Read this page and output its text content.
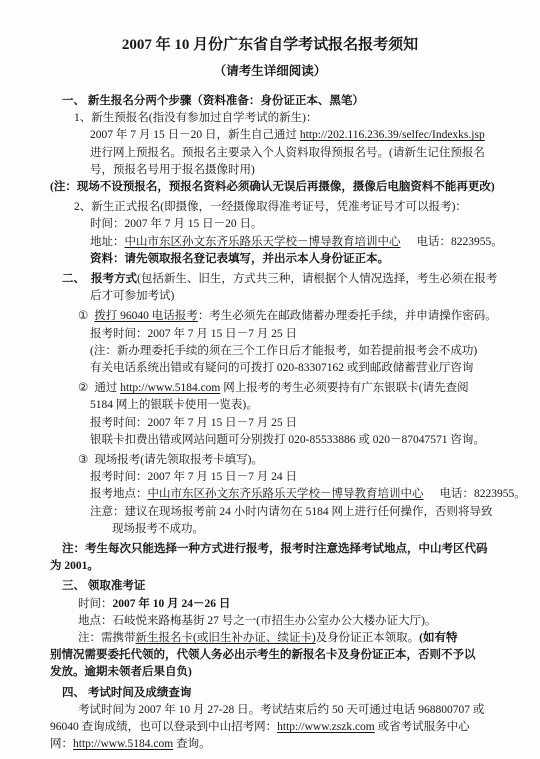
2007 年 10 月份广东省自学考试报名报考须知
（请考生详细阅读）
一、 新生报名分两个步骤（资料准备：身份证正本、黑笔）
1、新生预报名(指没有参加过自学考试的新生)：
2007 年 7 月 15 日－20 日，新生自己通过 http://202.116.236.39/selfec/Indexks.jsp
进行网上预报名。预报名主要录入个人资料取得预报名号。(请新生记住预报名
号，预报名号用于报名摄像时用)
(注：现场不设预报名，预报名资料必须确认无误后再摄像，摄像后电脑资料不能再更改)
2、新生正式报名(即摄像，一经摄像取得准考证号，凭准考证号才可以报考)：
时间：2007 年 7 月 15 日－20 日。
地址：中山市东区孙文东齐乐路乐天学校－博导教育培训中心 电话：8223955。
资料：请先领取报名登记表填写，并出示本人身份证正本。
二、 报考方式(包括新生、旧生，方式共三种，请根据个人情况选择，考生必须在报考
后才可参加考试)
① 拨打 96040 电话报考：考生必须先在邮政储蓄办理委托手续，并申请操作密码。
报考时间：2007 年 7 月 15 日－7 月 25 日
(注：新办理委托手续的须在三个工作日后才能报考，如若提前报考会不成功)
有关电话系统出错或有疑问的可拨打 020-83307162 或到邮政储蓄营业厅咨询
② 通过 http://www.5184.com 网上报考的考生必须要持有广东银联卡(请先查阅
5184 网上的银联卡使用一览表)。
报考时间：2007 年 7 月 15 日－7 月 25 日
银联卡扣费出错或网站问题可分别拨打 020-85533886 或 020－87047571 咨询。
③ 现场报考(请先领取报考卡填写)。
报考时间：2007 年 7 月 15 日－7 月 24 日
报考地点：中山市东区孙文东齐乐路乐天学校－博导教育培训中心 电话：8223955。
注意：建议在现场报考前 24 小时内请勿在 5184 网上进行任何操作，否则将导致
现场报考不成功。
注：考生每次只能选择一种方式进行报考，报考时注意选择考试地点，中山考区代码
为 2001。
三、 领取准考证
时间：2007 年 10 月 24－26 日
地点：石岐悦来路梅基街 27 号之一(市招生办公室办公大楼办证大厅)。
注：需携带新生报名卡(或旧生补办证、续证卡)及身份证正本领取。(如有特
别情况需要委托代领的，代领人务必出示考生的新报名卡及身份证正本，否则不予以
发放。逾期未领者后果自负)
四、 考试时间及成绩查询
考试时间为 2007 年 10 月 27-28 日。考试结束后约 50 天可通过电话 968800707 或
96040 查询成绩，也可以登录到中山招考网：http://www.zszk.com 或省考试服务中心
网：http://www.5184.com 查询。
